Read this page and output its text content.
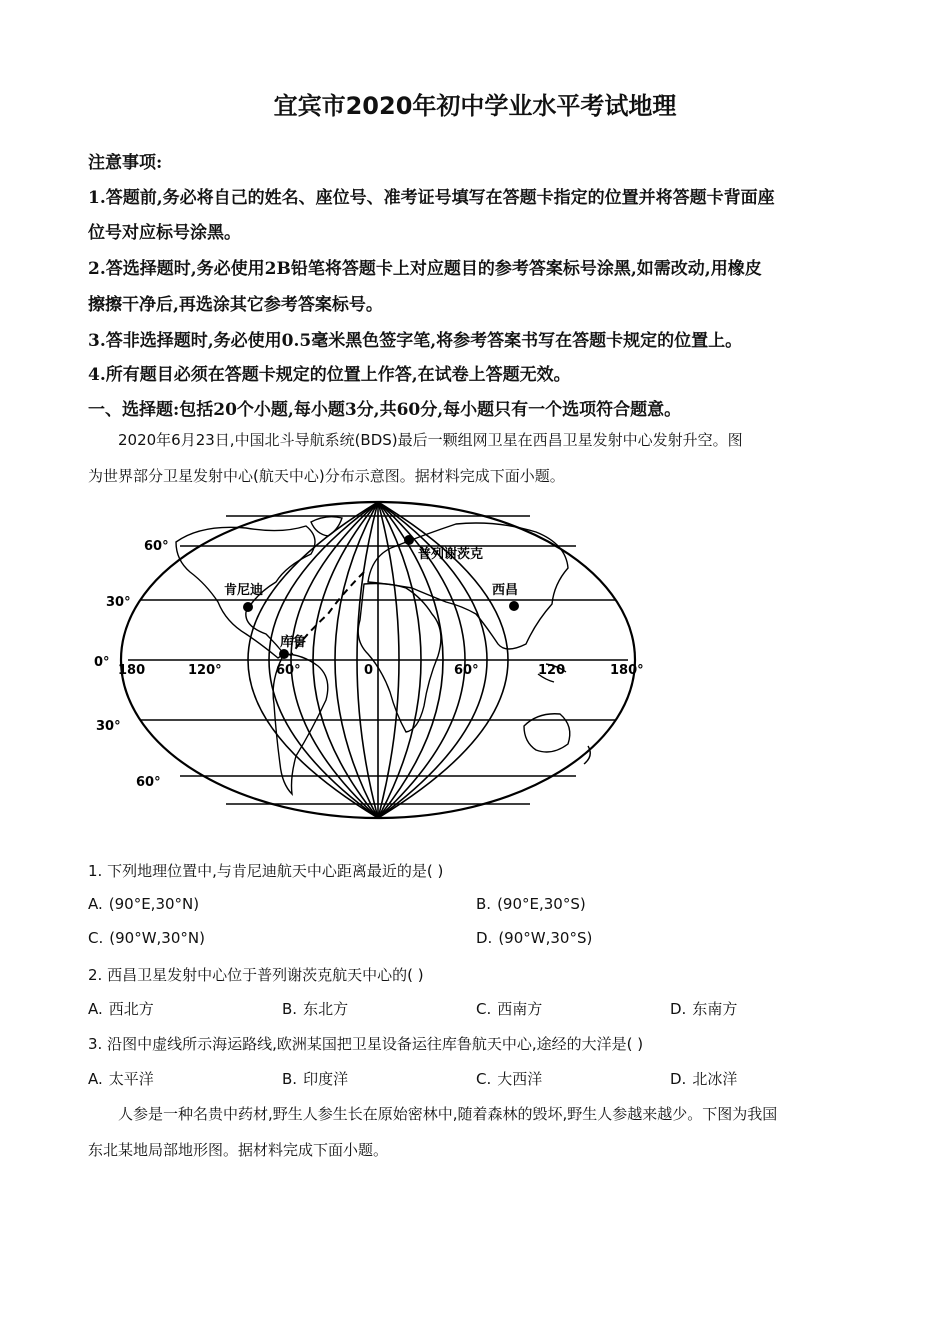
宜宾市2020年初中学业水平考试地理
注意事项:
1.答题前,务必将自己的姓名、座位号、准考证号填写在答题卡指定的位置并将答题卡背面座
位号对应标号涂黑。
2.答选择题时,务必使用2B铅笔将答题卡上对应题目的参考答案标号涂黑,如需改动,用橡皮
擦擦干净后,再选涂其它参考答案标号。
3.答非选择题时,务必使用0.5毫米黑色签字笔,将参考答案书写在答题卡规定的位置上。
4.所有题目必须在答题卡规定的位置上作答,在试卷上答题无效。
一、选择题:包括20个小题,每小题3分,共60分,每小题只有一个选项符合题意。
2020年6月23日,中国北斗导航系统(BDS)最后一颗组网卫星在西昌卫星发射中心发射升空。图
为世界部分卫星发射中心(航天中心)分布示意图。据材料完成下面小题。
普列谢茨克
肯尼迪	西昌
库鲁
60°
30°
0°
30°
60°
180	120°	60°	0	60°	120	180°
1. 下列地理位置中,与肯尼迪航天中心距离最近的是( )
A. (90°E,30°N)	B. (90°E,30°S)
C. (90°W,30°N)	D. (90°W,30°S)
2. 西昌卫星发射中心位于普列谢茨克航天中心的( )
A. 西北方	B. 东北方	C. 西南方	D. 东南方
3. 沿图中虚线所示海运路线,欧洲某国把卫星设备运往库鲁航天中心,途经的大洋是( )
A. 太平洋	B. 印度洋	C. 大西洋	D. 北冰洋
人参是一种名贵中药材,野生人参生长在原始密林中,随着森林的毁坏,野生人参越来越少。下图为我国
东北某地局部地形图。据材料完成下面小题。
